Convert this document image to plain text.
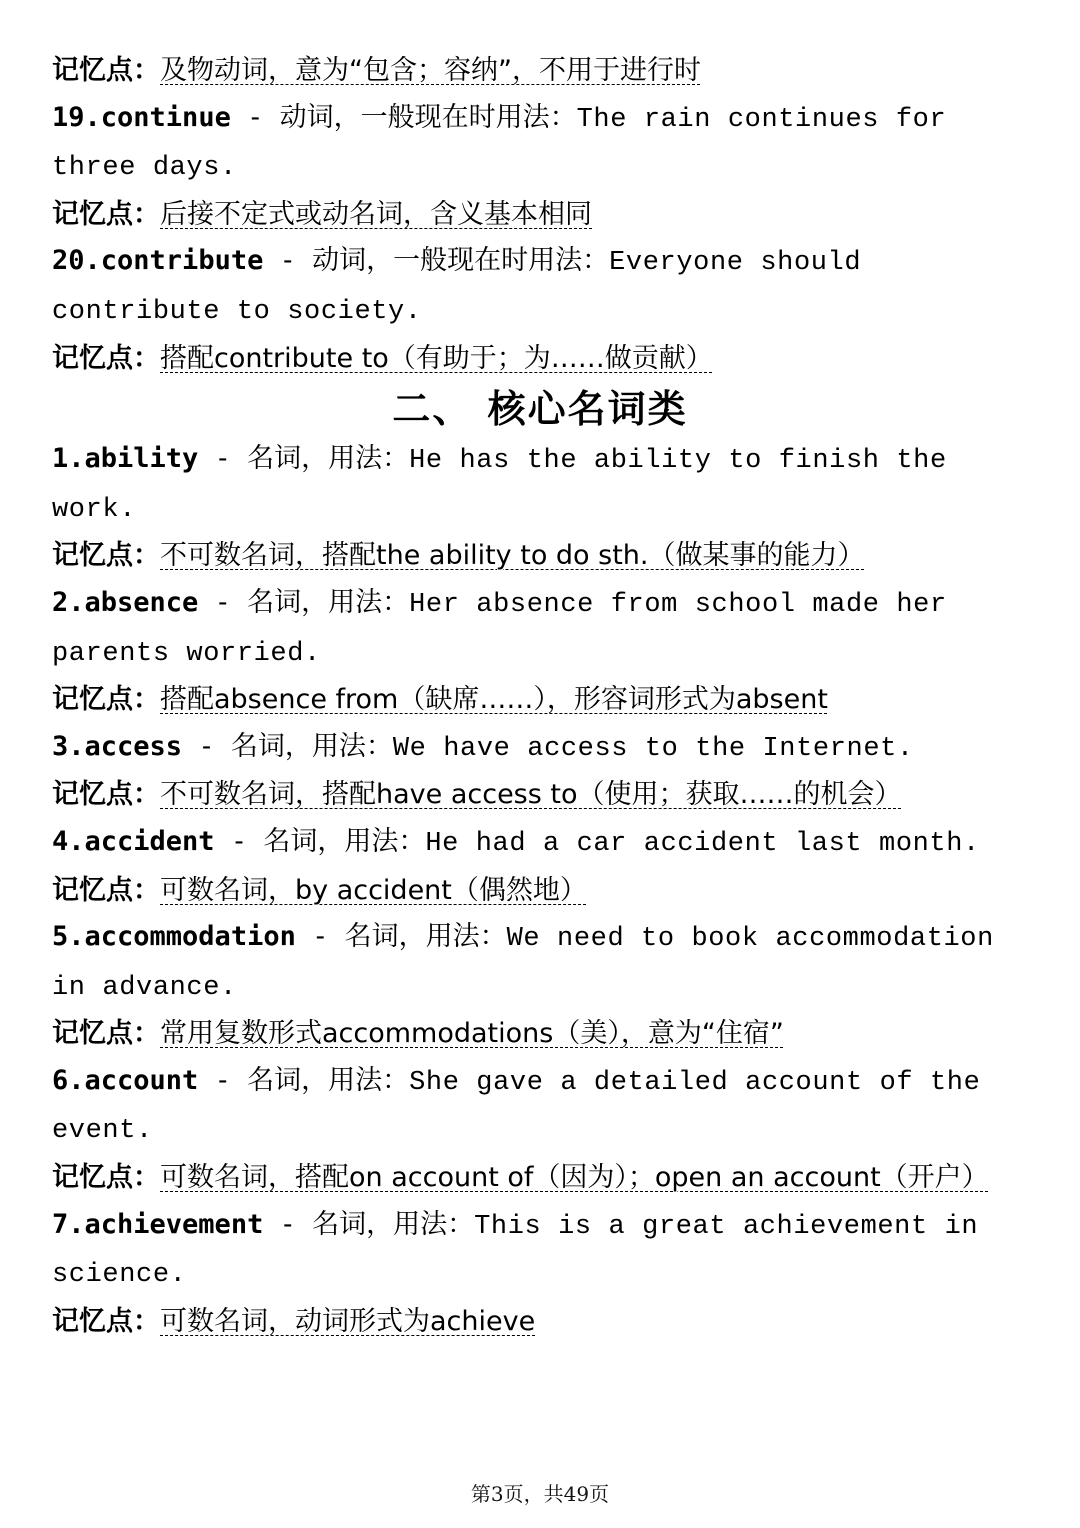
记忆点：及物动词，意为“包含；容纳”，不用于进行时

19.continue - 动词，一般现在时用法：The rain continues for three days.

记忆点：后接不定式或动名词，含义基本相同

20.contribute - 动词，一般现在时用法：Everyone should contribute to society.

记忆点：搭配contribute to（有助于；为……做贡献）

二、 核心名词类

1.ability - 名词，用法：He has the ability to finish the work.

记忆点：不可数名词，搭配the ability to do sth.（做某事的能力）

2.absence - 名词，用法：Her absence from school made her parents worried.

记忆点：搭配absence from（缺席……），形容词形式为absent

3.access - 名词，用法：We have access to the Internet.

记忆点：不可数名词，搭配have access to（使用；获取……的机会）

4.accident - 名词，用法：He had a car accident last month.

记忆点：可数名词，by accident（偶然地）

5.accommodation - 名词，用法：We need to book accommodation in advance.

记忆点：常用复数形式accommodations（美），意为“住宿”

6.account - 名词，用法：She gave a detailed account of the event.

记忆点：可数名词，搭配on account of（因为）；open an account（开户）

7.achievement - 名词，用法：This is a great achievement in science.

记忆点：可数名词，动词形式为achieve

第3页，共49页
